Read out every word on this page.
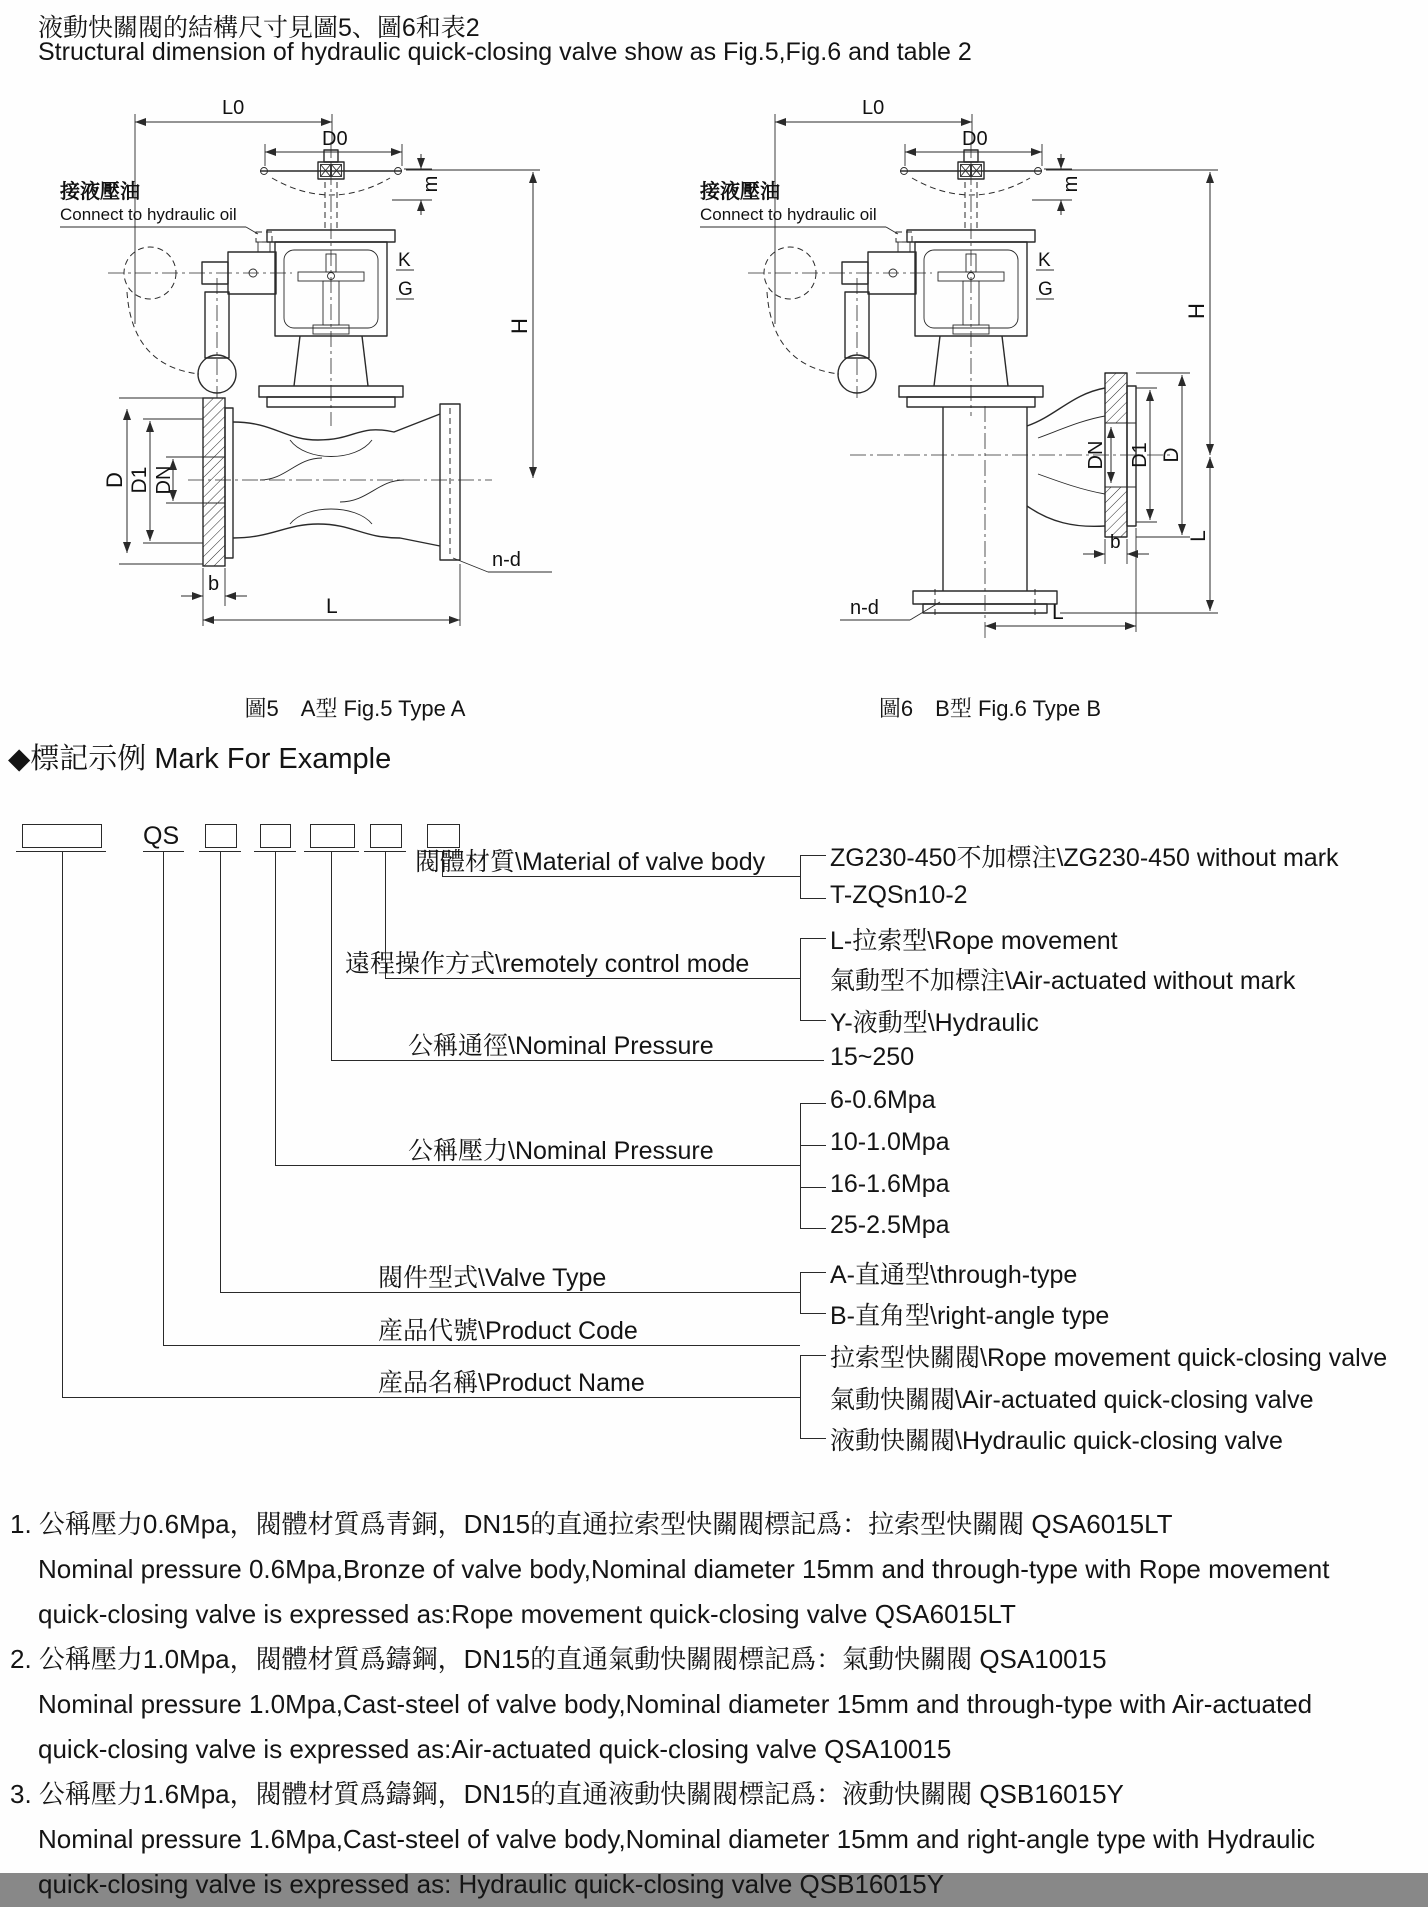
液動快關閥的結構尺寸見圖5、圖6和表2
Structural dimension of hydraulic quick-closing valve show as Fig.5,Fig.6 and table 2
L0
D0
m
H
K
G
接液壓油
Connect to hydraulic oil
D D1 DN
b
L
n-d
圖5　A型 Fig.5 Type A
L0
D0
m
H
K
G
接液壓油
Connect to hydraulic oil
DN D1 D
L
b
L
n-d
圖6　B型 Fig.6 Type B
◆標記示例 Mark For Example
QS
閥體材質\Material of valve body	ZG230-450不加標注\ZG230-450 without mark
T-ZQSn10-2
遠程操作方式\remotely control mode
L-拉索型\Rope movement
氣動型不加標注\Air-actuated without mark
Y-液動型\Hydraulic
公稱通徑\Nominal Pressure	15~250
公稱壓力\Nominal Pressure
6-0.6Mpa
10-1.0Mpa
16-1.6Mpa
25-2.5Mpa
閥件型式\Valve Type	A-直通型\through-type
B-直角型\right-angle type
産品代號\Product Code
産品名稱\Product Name
拉索型快關閥\Rope movement quick-closing valve
氣動快關閥\Air-actuated quick-closing valve
液動快關閥\Hydraulic quick-closing valve
1. 公稱壓力0.6Mpa，閥體材質爲青銅，DN15的直通拉索型快關閥標記爲：拉索型快關閥 QSA6015LT
Nominal pressure 0.6Mpa,Bronze of valve body,Nominal diameter 15mm and through-type with Rope movement
quick-closing valve is expressed as:Rope movement quick-closing valve QSA6015LT
2. 公稱壓力1.0Mpa，閥體材質爲鑄鋼，DN15的直通氣動快關閥標記爲：氣動快關閥 QSA10015
Nominal pressure 1.0Mpa,Cast-steel of valve body,Nominal diameter 15mm and through-type with Air-actuated
quick-closing valve is expressed as:Air-actuated quick-closing valve QSA10015
3. 公稱壓力1.6Mpa，閥體材質爲鑄鋼，DN15的直通液動快關閥標記爲：液動快關閥 QSB16015Y
Nominal pressure 1.6Mpa,Cast-steel of valve body,Nominal diameter 15mm and right-angle type with Hydraulic
quick-closing valve is expressed as: Hydraulic quick-closing valve QSB16015Y
